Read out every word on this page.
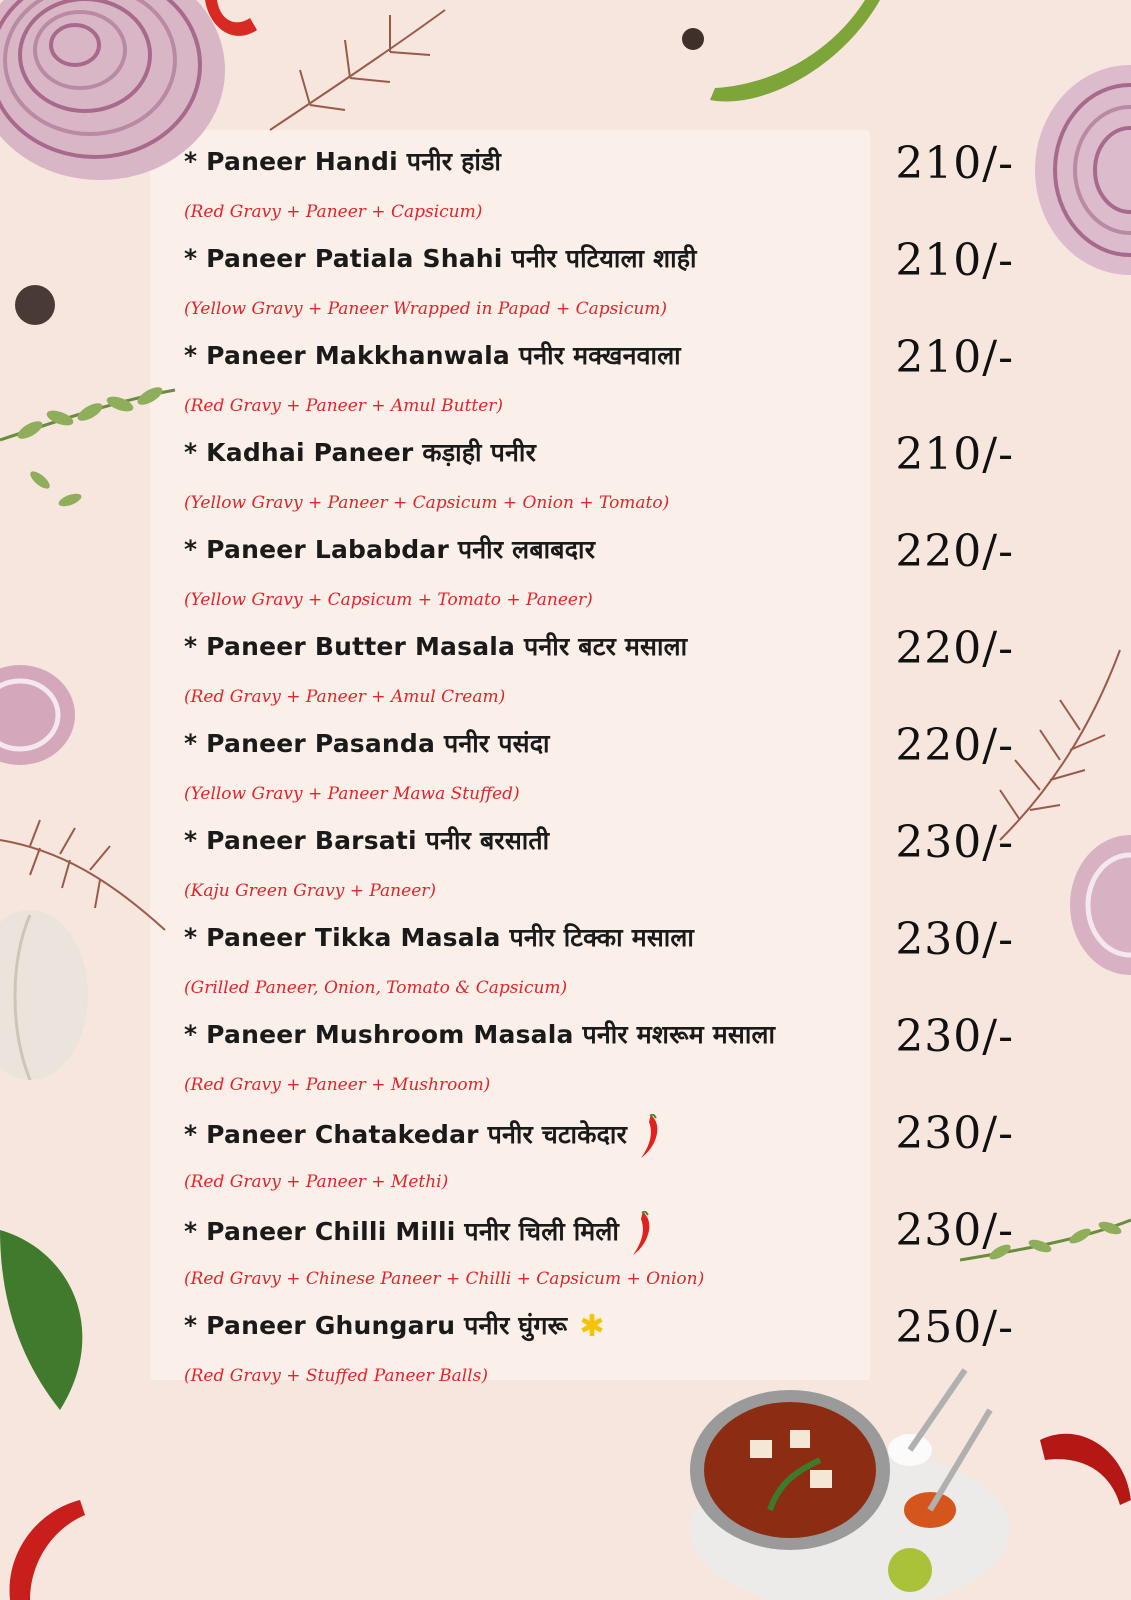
* Paneer Handi पनीर हांडी	210/-
(Red Gravy + Paneer + Capsicum)
* Paneer Patiala Shahi पनीर पटियाला शाही	210/-
(Yellow Gravy + Paneer Wrapped in Papad + Capsicum)
* Paneer Makkhanwala पनीर मक्खनवाला	210/-
(Red Gravy + Paneer + Amul Butter)
* Kadhai Paneer कड़ाही पनीर	210/-
(Yellow Gravy + Paneer + Capsicum + Onion + Tomato)
* Paneer Lababdar पनीर लबाबदार	220/-
(Yellow Gravy + Capsicum + Tomato + Paneer)
* Paneer Butter Masala पनीर बटर मसाला	220/-
(Red Gravy + Paneer + Amul Cream)
* Paneer Pasanda पनीर पसंदा	220/-
(Yellow Gravy + Paneer Mawa Stuffed)
* Paneer Barsati पनीर बरसाती	230/-
(Kaju Green Gravy + Paneer)
* Paneer Tikka Masala पनीर टिक्का मसाला	230/-
(Grilled Paneer, Onion, Tomato & Capsicum)
* Paneer Mushroom Masala पनीर मशरूम मसाला	230/-
(Red Gravy + Paneer + Mushroom)
* Paneer Chatakedar पनीर चटाकेदार	230/-
(Red Gravy + Paneer + Methi)
* Paneer Chilli Milli पनीर चिली मिली	230/-
(Red Gravy + Chinese Paneer + Chilli + Capsicum + Onion)
* Paneer Ghungaru पनीर घुंगरू ✱	250/-
(Red Gravy + Stuffed Paneer Balls)
